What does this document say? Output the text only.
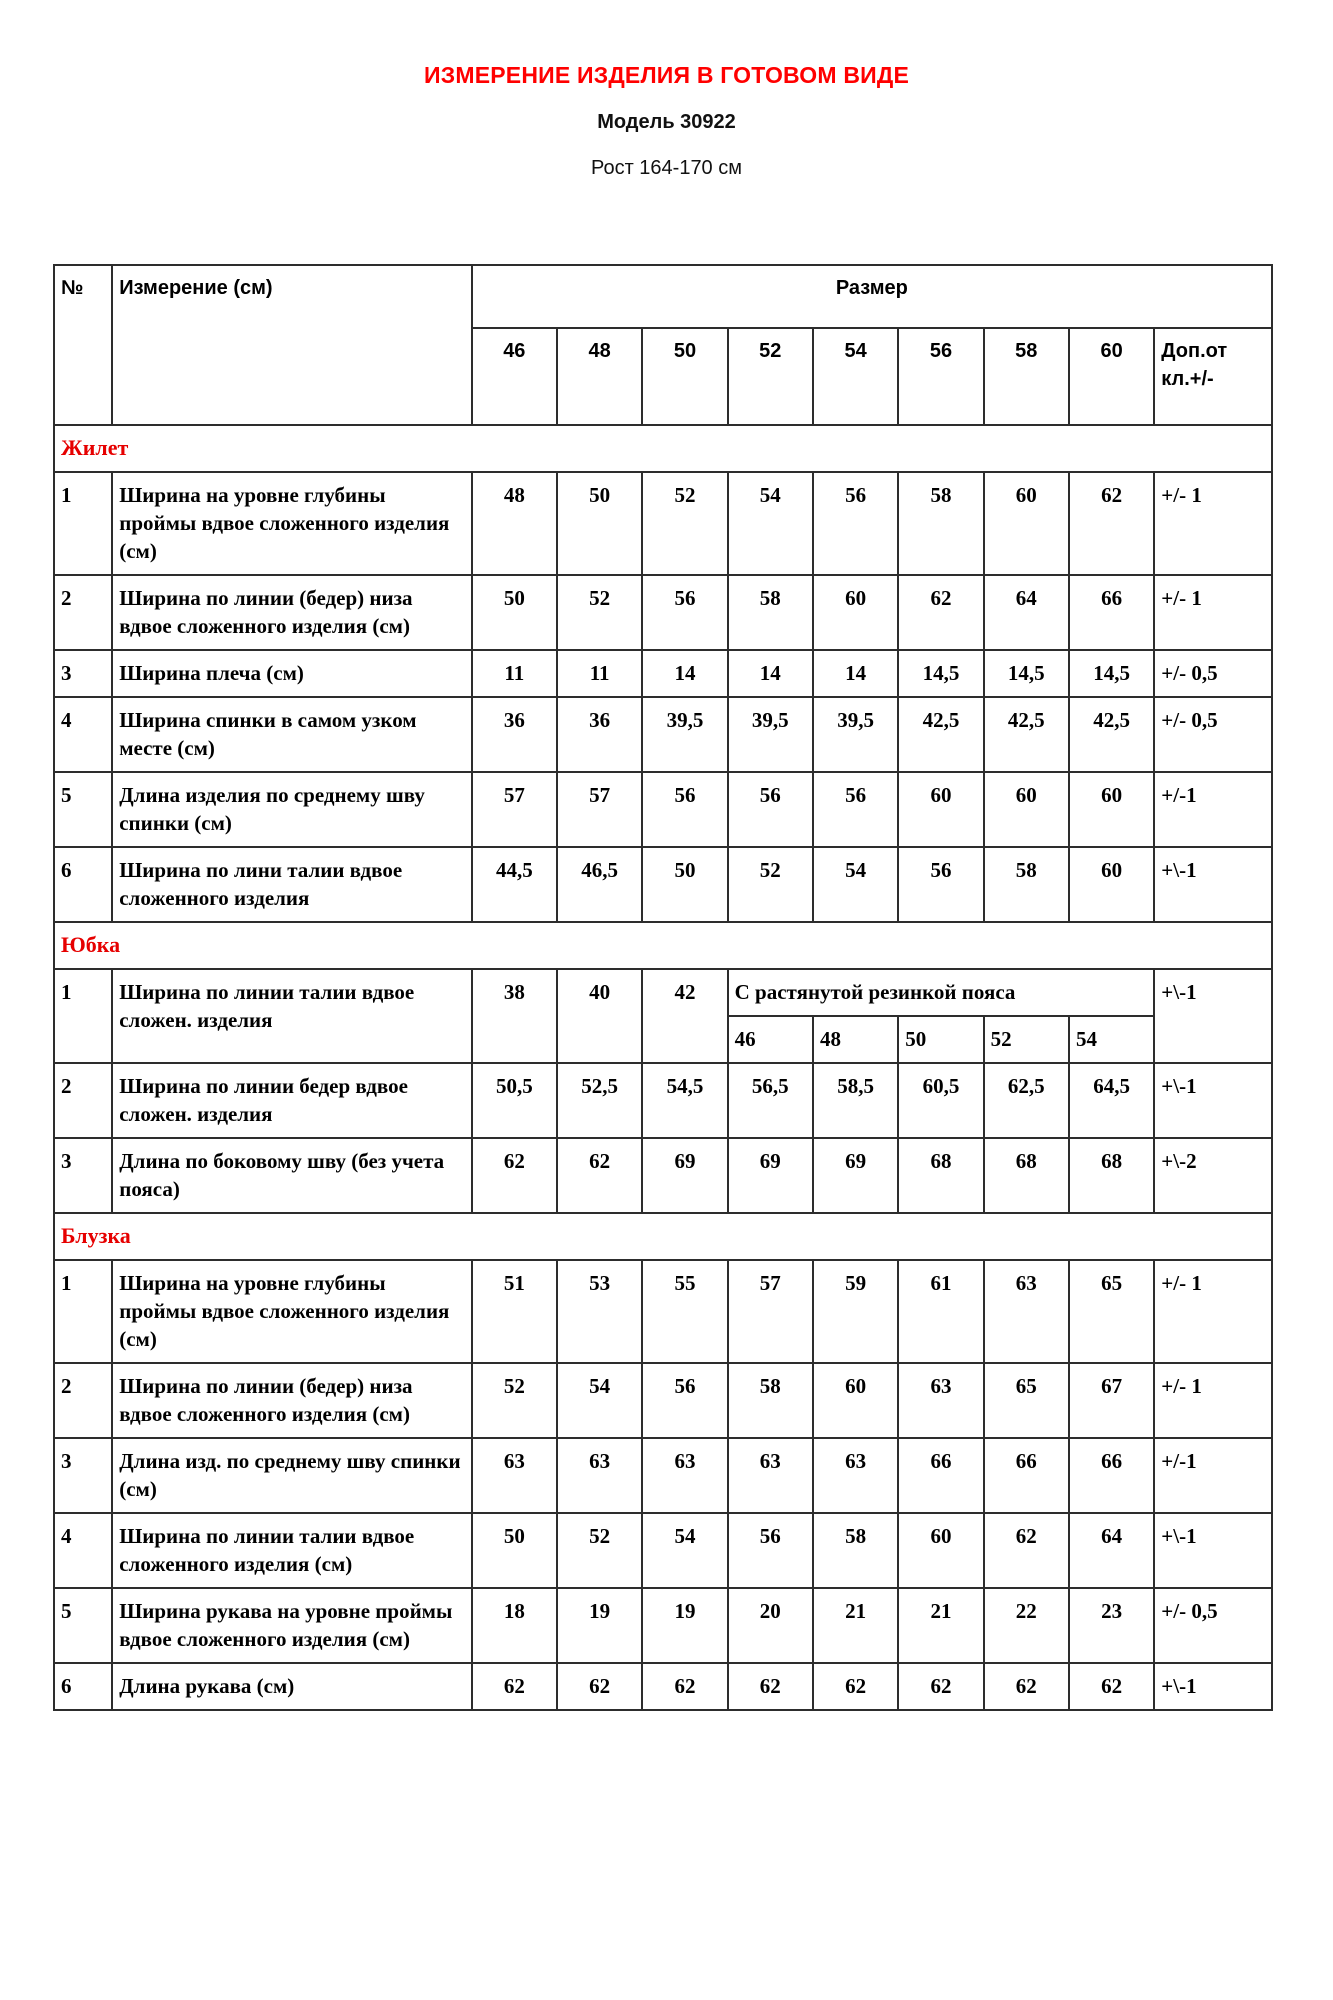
ИЗМЕРЕНИЕ ИЗДЕЛИЯ В ГОТОВОМ ВИДЕ
Модель 30922
Рост 164-170 см
№	Измерение (см)	Размер								
		46	48	50	52	54	56	58	60	Доп.от
кл.+/-

Жилет										
1	Ширина на уровне глубины проймы вдвое сложенного изделия (см)	48	50	52	54	56	58	60	62	+/- 1
2	Ширина по линии (бедер) низа вдвое сложенного изделия (см)	50	52	56	58	60	62	64	66	+/- 1
3	Ширина плеча (см)	11	11	14	14	14	14,5	14,5	14,5	+/- 0,5
4	Ширина спинки в самом узком месте (см)	36	36	39,5	39,5	39,5	42,5	42,5	42,5	+/- 0,5
5	Длина изделия по среднему шву спинки (см)	57	57	56	56	56	60	60	60	+/-1
6	Ширина по лини талии вдвое сложенного изделия	44,5	46,5	50	52	54	56	58	60	+\-1
Юбка										
1	Ширина по линии талии вдвое сложен. изделия	38	40	42	С растянутой резинкой пояса					+\-1
					46	48	50	52	54	
2	Ширина по линии бедер вдвое сложен. изделия	50,5	52,5	54,5	56,5	58,5	60,5	62,5	64,5	+\-1
3	Длина по боковому шву (без учета пояса)	62	62	69	69	69	68	68	68	+\-2
Блузка										
1	Ширина на уровне глубины проймы вдвое сложенного изделия (см)	51	53	55	57	59	61	63	65	+/- 1
2	Ширина по линии (бедер) низа вдвое сложенного изделия (см)	52	54	56	58	60	63	65	67	+/- 1
3	Длина изд. по среднему шву спинки (см)	63	63	63	63	63	66	66	66	+/-1
4	Ширина по линии талии вдвое сложенного изделия (см)	50	52	54	56	58	60	62	64	+\-1
5	Ширина рукава на уровне проймы вдвое сложенного изделия (см)	18	19	19	20	21	21	22	23	+/- 0,5
6	Длина рукава (см)	62	62	62	62	62	62	62	62	+\-1
